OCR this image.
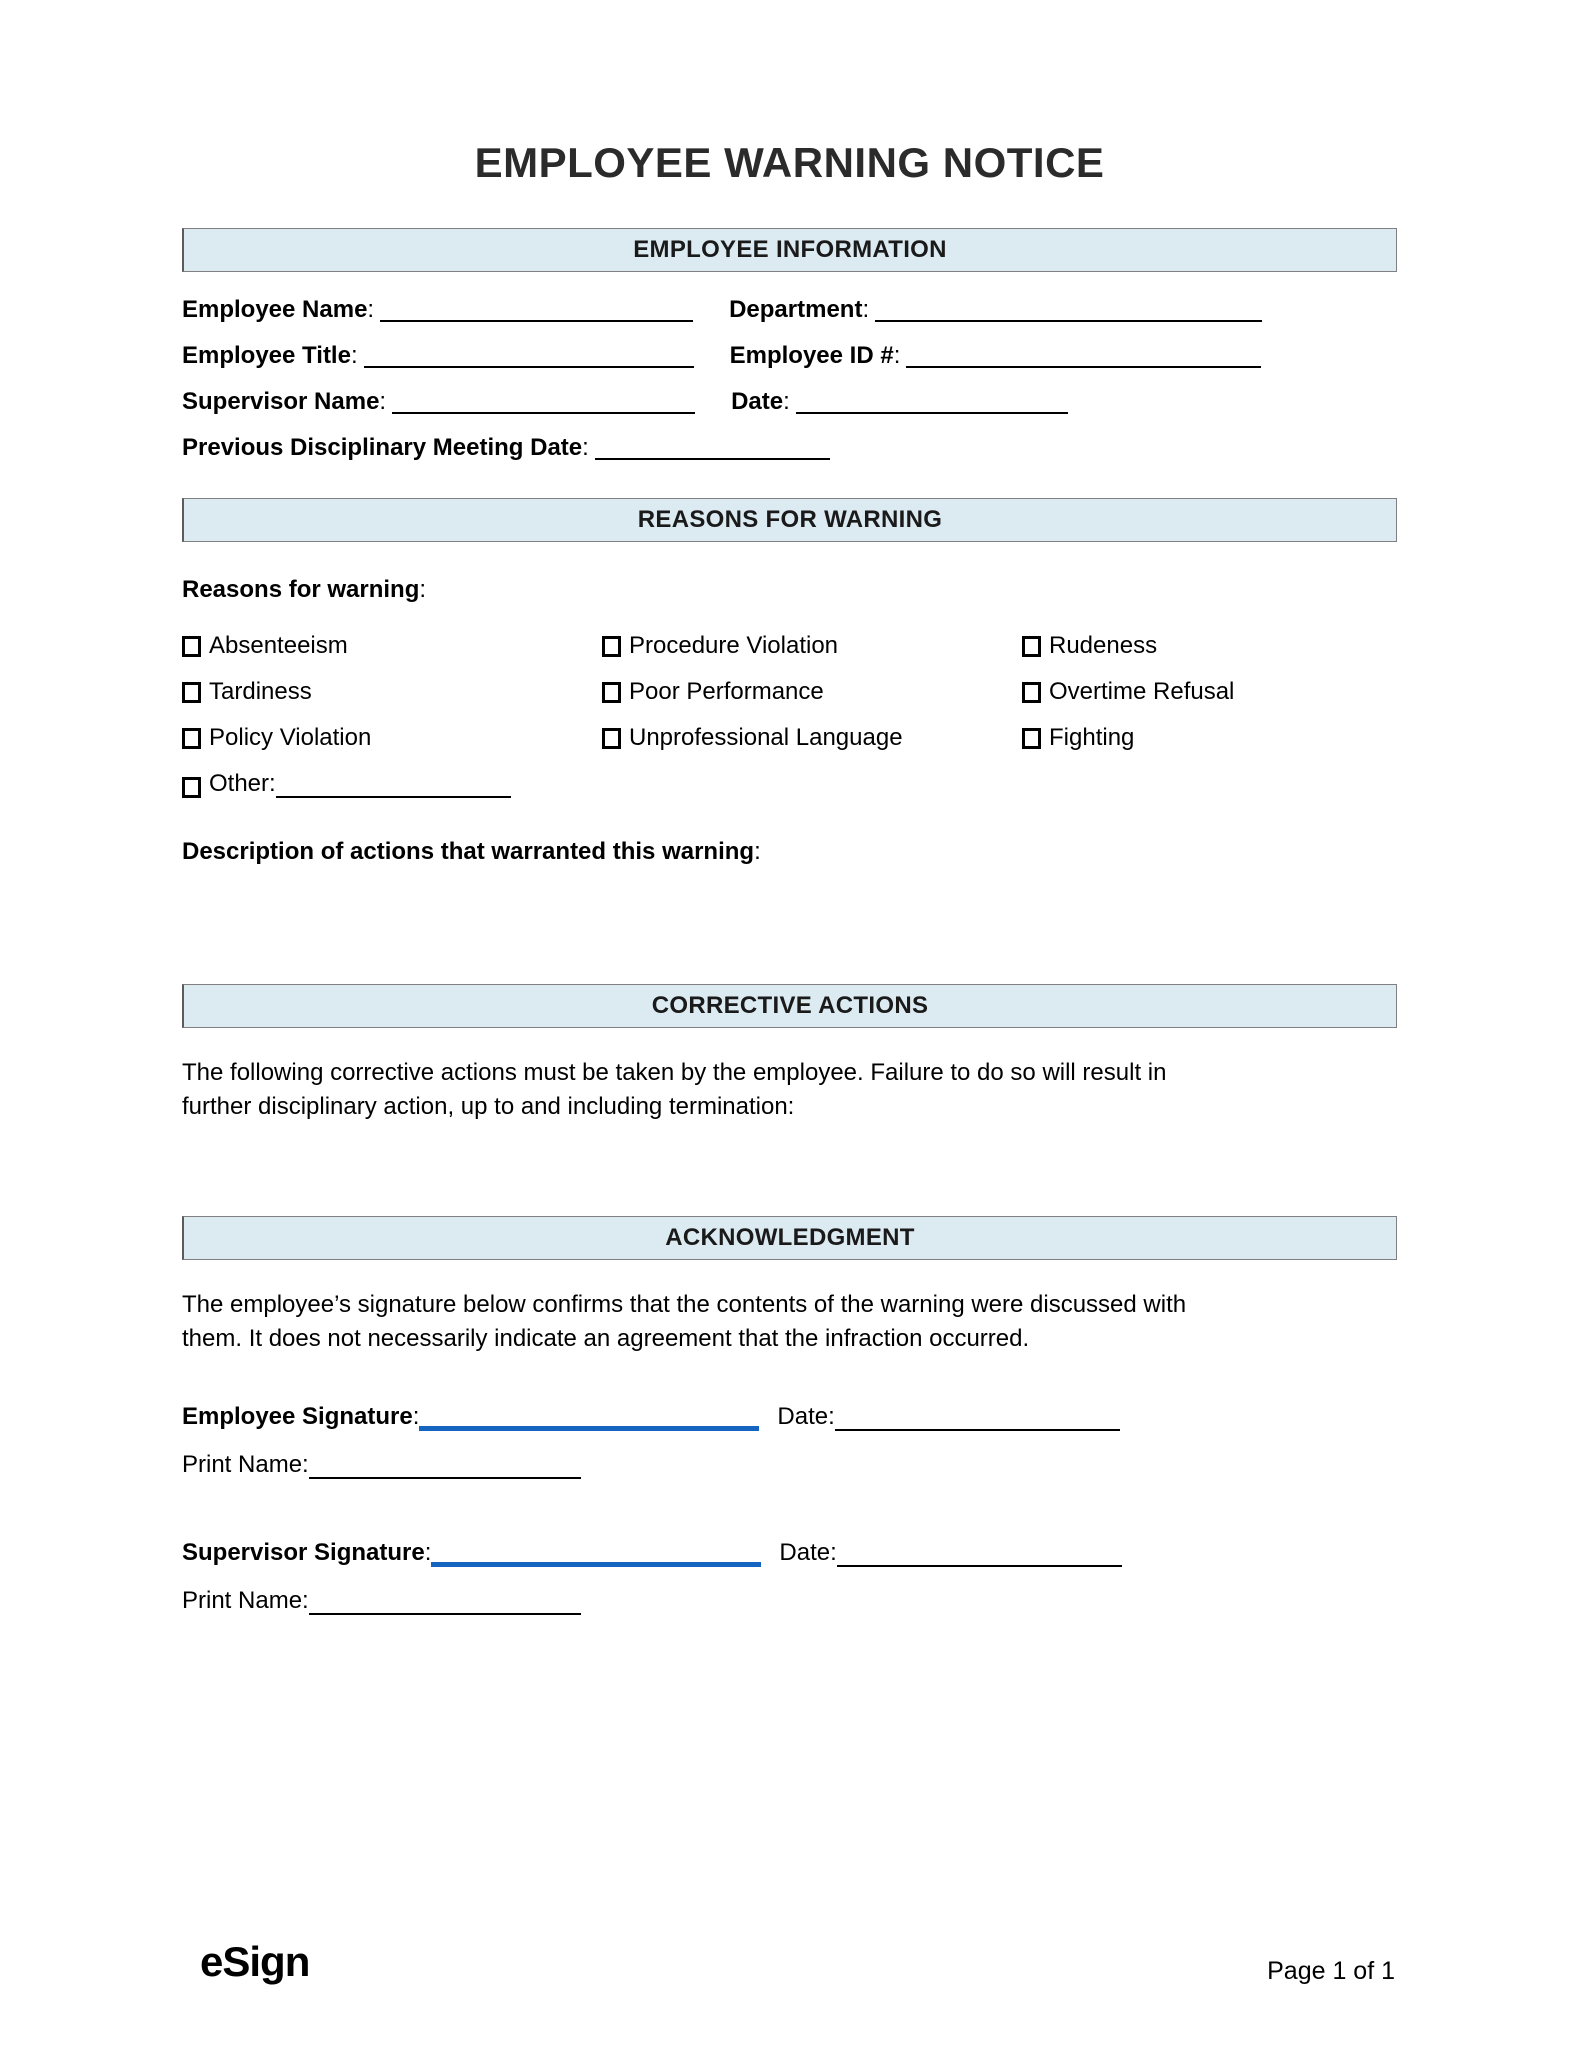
EMPLOYEE WARNING NOTICE
EMPLOYEE INFORMATION
Employee Name :	Department :
Employee Title :	Employee ID # :
Supervisor Name :	Date :
Previous Disciplinary Meeting Date :
REASONS FOR WARNING
Reasons for warning:
Absenteeism	Procedure Violation	Rudeness
Tardiness	Poor Performance	Overtime Refusal
Policy Violation	Unprofessional Language	Fighting
Other :
Description of actions that warranted this warning:
CORRECTIVE ACTIONS
The following corrective actions must be taken by the employee. Failure to do so will result in further disciplinary action, up to and including termination:
ACKNOWLEDGMENT
The employee’s signature below confirms that the contents of the warning were discussed with them. It does not necessarily indicate an agreement that the infraction occurred.
Employee Signature :	Date :
Print Name :
Supervisor Signature :	Date :
Print Name :
eSign	Page 1 of 1
